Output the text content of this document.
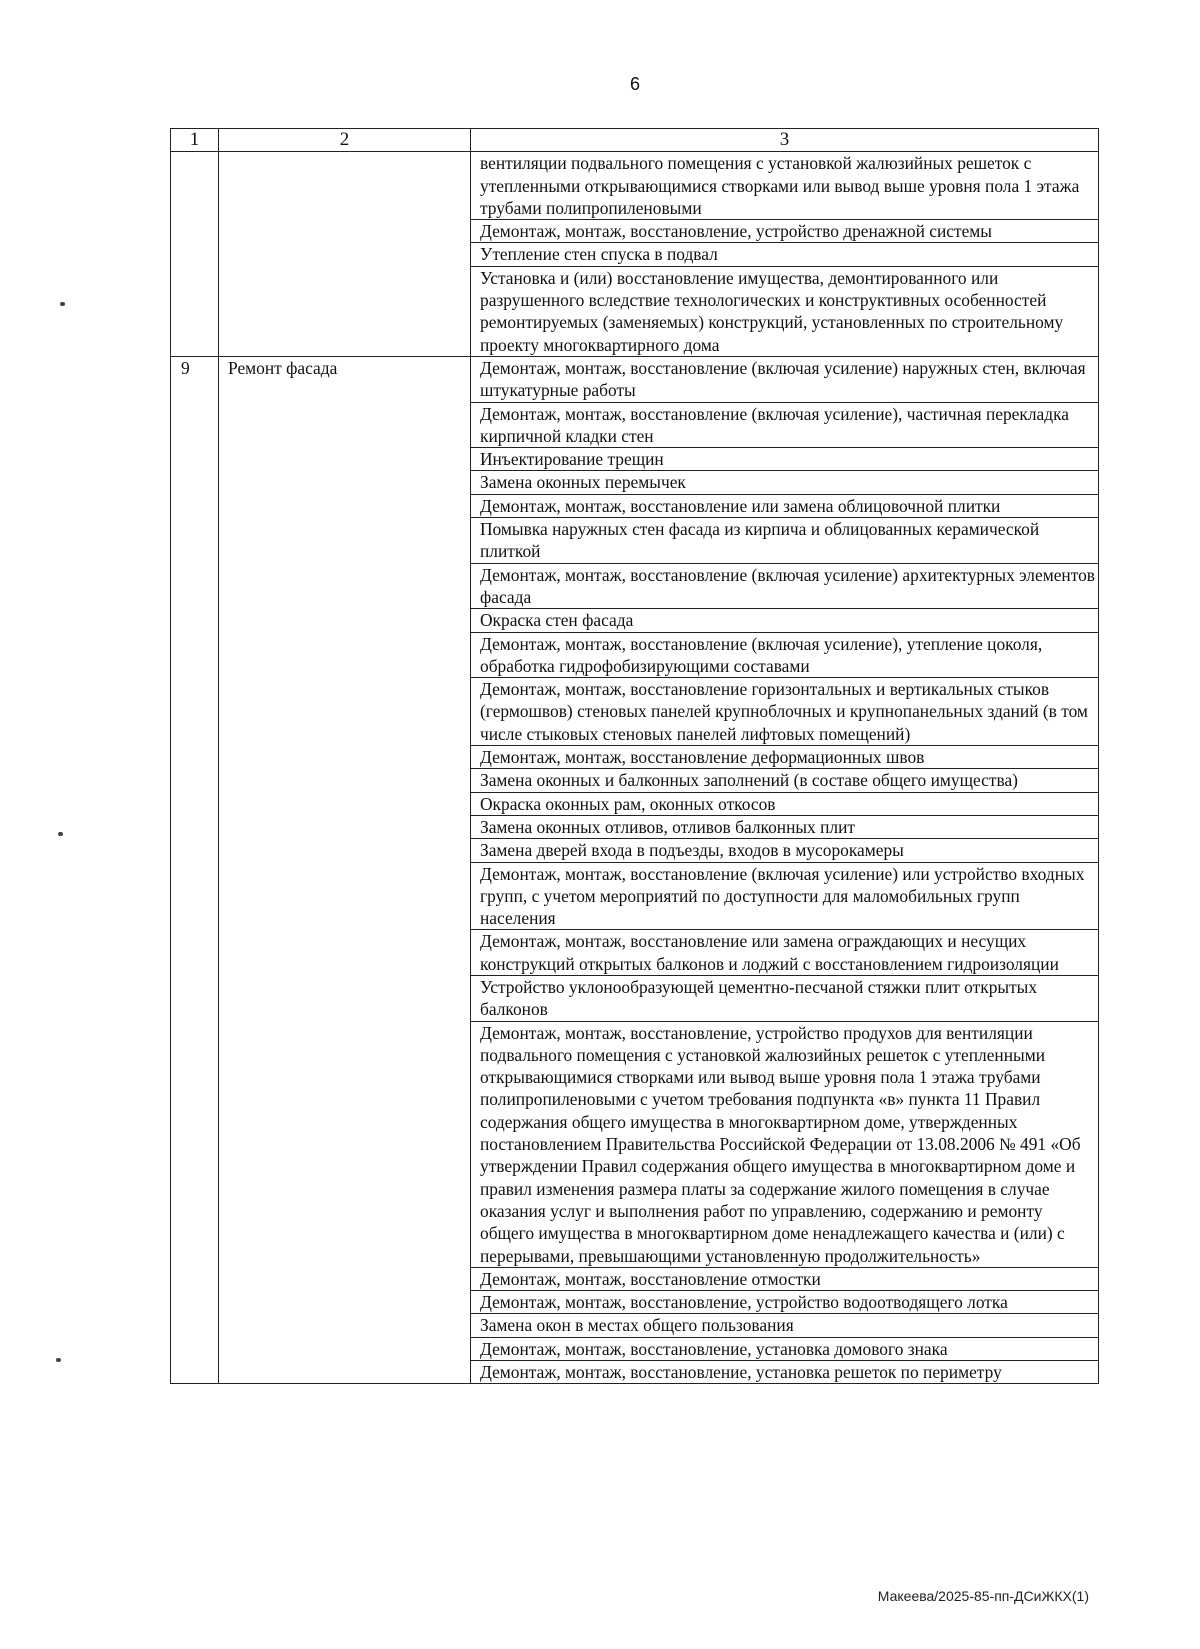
6
1	2	3
		вентиляции подвального помещения с установкой жалюзийных решеток с утепленными открывающимися створками или вывод выше уровня пола 1 этажа трубами полипропиленовыми
		Демонтаж, монтаж, восстановление, устройство дренажной системы
		Утепление стен спуска в подвал
		Установка и (или) восстановление имущества, демонтированного или разрушенного вследствие технологических и конструктивных особенностей ремонтируемых (заменяемых) конструкций, установленных по строительному проекту многоквартирного дома
9	Ремонт фасада	Демонтаж, монтаж, восстановление (включая усиление) наружных стен, включая штукатурные работы
		Демонтаж, монтаж, восстановление (включая усиление), частичная перекладка кирпичной кладки стен
		Инъектирование трещин
		Замена оконных перемычек
		Демонтаж, монтаж, восстановление или замена облицовочной плитки
		Помывка наружных стен фасада из кирпича и облицованных керамической плиткой
		Демонтаж, монтаж, восстановление (включая усиление) архитектурных элементов фасада
		Окраска стен фасада
		Демонтаж, монтаж, восстановление (включая усиление), утепление цоколя, обработка гидрофобизирующими составами
		Демонтаж, монтаж, восстановление горизонтальных и вертикальных стыков (гермошвов) стеновых панелей крупноблочных и крупнопанельных зданий (в том числе стыковых стеновых панелей лифтовых помещений)
		Демонтаж, монтаж, восстановление деформационных швов
		Замена оконных и балконных заполнений (в составе общего имущества)
		Окраска оконных рам, оконных откосов
		Замена оконных отливов, отливов балконных плит
		Замена дверей входа в подъезды, входов в мусорокамеры
		Демонтаж, монтаж, восстановление (включая усиление) или устройство входных групп, с учетом мероприятий по доступности для маломобильных групп населения
		Демонтаж, монтаж, восстановление или замена ограждающих и несущих конструкций открытых балконов и лоджий с восстановлением гидроизоляции
		Устройство уклонообразующей цементно-песчаной стяжки плит открытых балконов
		Демонтаж, монтаж, восстановление, устройство продухов для вентиляции подвального помещения с установкой жалюзийных решеток с утепленными открывающимися створками или вывод выше уровня пола 1 этажа трубами полипропиленовыми с учетом требования подпункта «в» пункта 11 Правил содержания общего имущества в многоквартирном доме, утвержденных постановлением Правительства Российской Федерации от 13.08.2006 № 491 «Об утверждении Правил содержания общего имущества в многоквартирном доме и правил изменения размера платы за содержание жилого помещения в случае оказания услуг и выполнения работ по управлению, содержанию и ремонту общего имущества в многоквартирном доме ненадлежащего качества и (или) с перерывами, превышающими установленную продолжительность»
		Демонтаж, монтаж, восстановление отмостки
		Демонтаж, монтаж, восстановление, устройство водоотводящего лотка
		Замена окон в местах общего пользования
		Демонтаж, монтаж, восстановление, установка домового знака
		Демонтаж, монтаж, восстановление, установка решеток по периметру
Макеева/2025-85-пп-ДСиЖКХ(1)
